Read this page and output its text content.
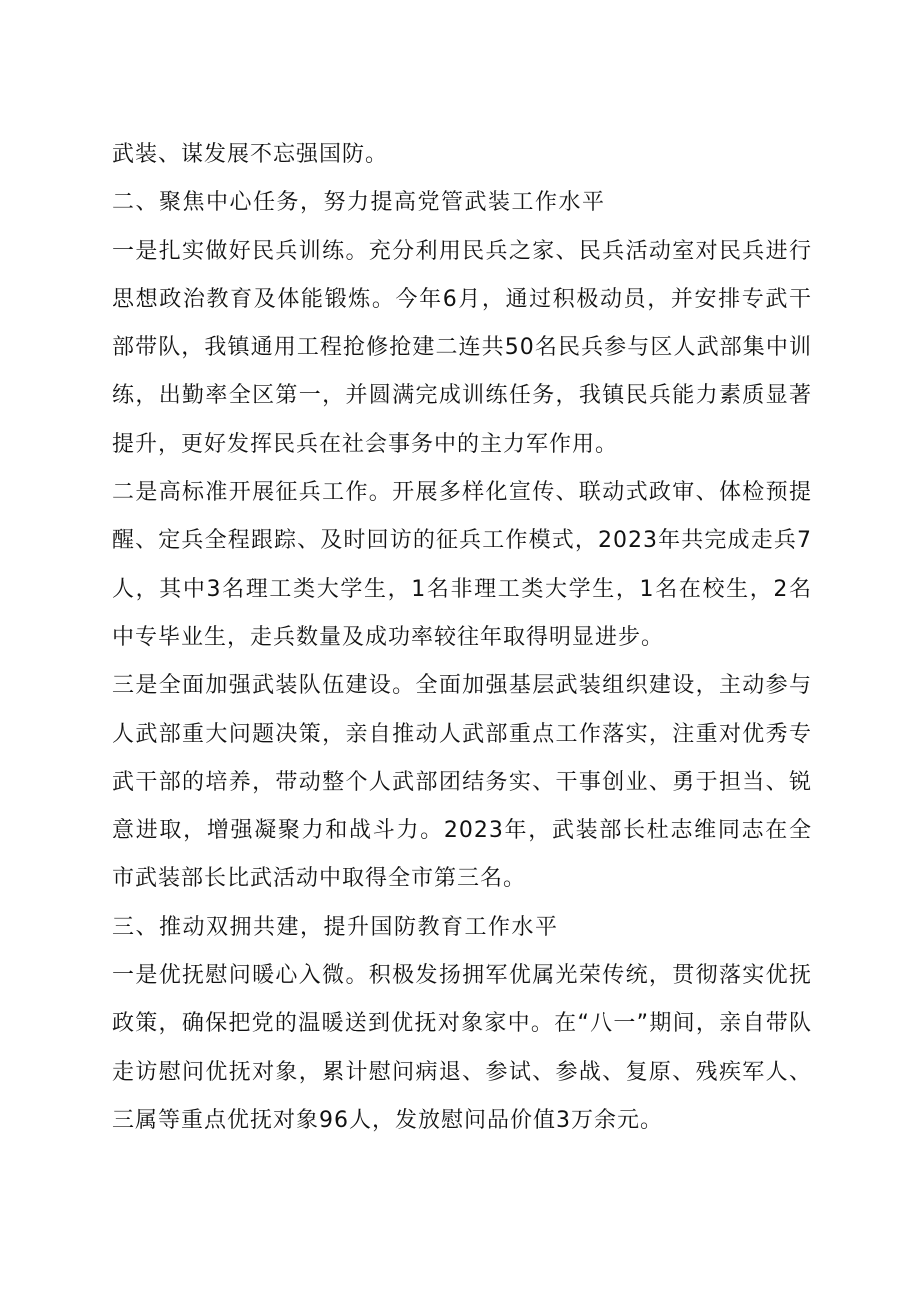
武装、谋发展不忘强国防。

二、聚焦中心任务，努力提高党管武装工作水平

一是扎实做好民兵训练。充分利用民兵之家、民兵活动室对民兵进行思想政治教育及体能锻炼。今年6月，通过积极动员，并安排专武干部带队，我镇通用工程抢修抢建二连共50名民兵参与区人武部集中训练，出勤率全区第一，并圆满完成训练任务，我镇民兵能力素质显著提升，更好发挥民兵在社会事务中的主力军作用。

二是高标准开展征兵工作。开展多样化宣传、联动式政审、体检预提醒、定兵全程跟踪、及时回访的征兵工作模式，2023年共完成走兵7人，其中3名理工类大学生，1名非理工类大学生，1名在校生，2名中专毕业生，走兵数量及成功率较往年取得明显进步。

三是全面加强武装队伍建设。全面加强基层武装组织建设，主动参与人武部重大问题决策，亲自推动人武部重点工作落实，注重对优秀专武干部的培养，带动整个人武部团结务实、干事创业、勇于担当、锐意进取，增强凝聚力和战斗力。2023年，武装部长杜志维同志在全市武装部长比武活动中取得全市第三名。

三、推动双拥共建，提升国防教育工作水平

一是优抚慰问暖心入微。积极发扬拥军优属光荣传统，贯彻落实优抚政策，确保把党的温暖送到优抚对象家中。在“八一”期间，亲自带队走访慰问优抚对象，累计慰问病退、参试、参战、复原、残疾军人、三属等重点优抚对象96人，发放慰问品价值3万余元。
